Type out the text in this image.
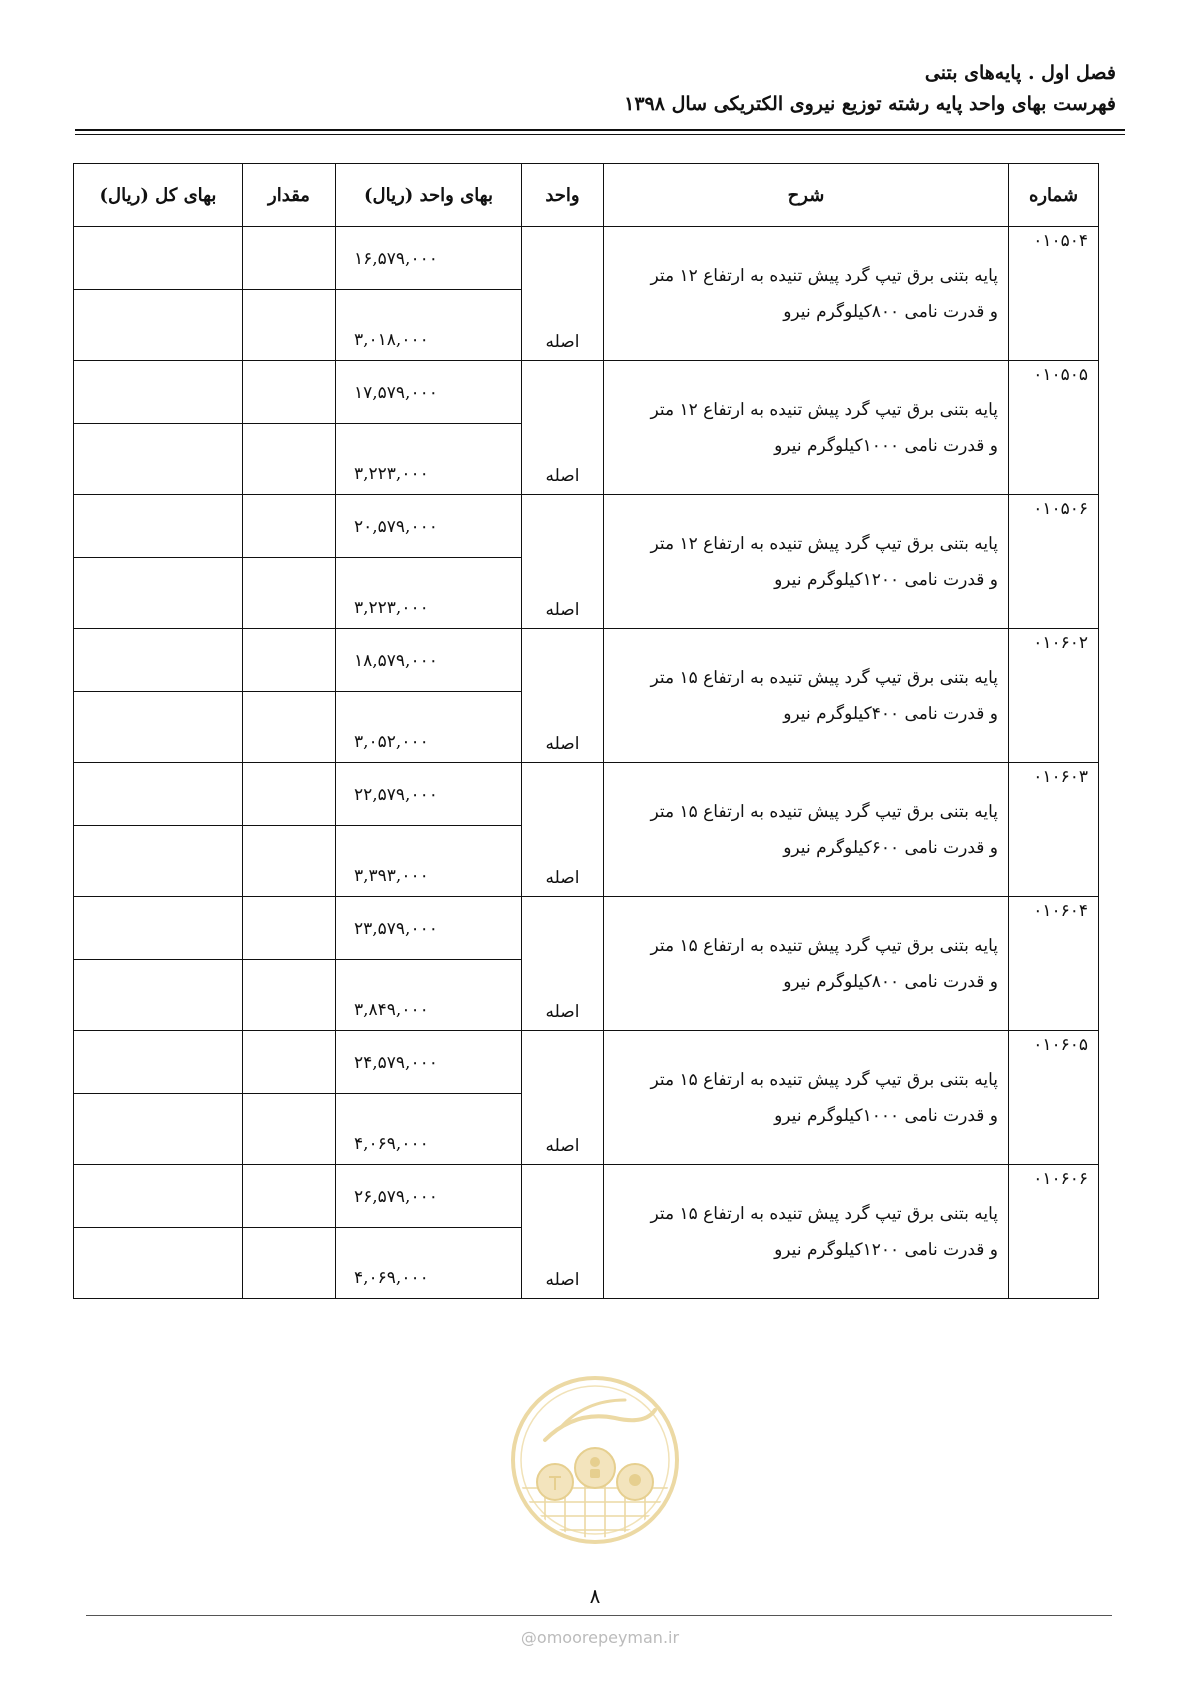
فصل اول . پایه‌های بتنی
فهرست بهای واحد پایه رشته توزیع نیروی الکتریکی سال ۱۳۹۸
شماره	شرح	واحد	بهای واحد (ریال)	مقدار	بهای کل (ریال)
۰۱۰۵۰۴	پایه بتنی برق تیپ گرد پیش تنیده به ارتفاع ۱۲ متر
و قدرت نامی ۸۰۰کیلوگرم نیرو	اصله	۱۶,۵۷۹,۰۰۰		
			۳,۰۱۸,۰۰۰		
۰۱۰۵۰۵	پایه بتنی برق تیپ گرد پیش تنیده به ارتفاع ۱۲ متر
و قدرت نامی ۱۰۰۰کیلوگرم نیرو	اصله	۱۷,۵۷۹,۰۰۰		
			۳,۲۲۳,۰۰۰		
۰۱۰۵۰۶	پایه بتنی برق تیپ گرد پیش تنیده به ارتفاع ۱۲ متر
و قدرت نامی ۱۲۰۰کیلوگرم نیرو	اصله	۲۰,۵۷۹,۰۰۰		
			۳,۲۲۳,۰۰۰		
۰۱۰۶۰۲	پایه بتنی برق تیپ گرد پیش تنیده به ارتفاع ۱۵ متر
و قدرت نامی ۴۰۰کیلوگرم نیرو	اصله	۱۸,۵۷۹,۰۰۰		
			۳,۰۵۲,۰۰۰		
۰۱۰۶۰۳	پایه بتنی برق تیپ گرد پیش تنیده به ارتفاع ۱۵ متر
و قدرت نامی ۶۰۰کیلوگرم نیرو	اصله	۲۲,۵۷۹,۰۰۰		
			۳,۳۹۳,۰۰۰		
۰۱۰۶۰۴	پایه بتنی برق تیپ گرد پیش تنیده به ارتفاع ۱۵ متر
و قدرت نامی ۸۰۰کیلوگرم نیرو	اصله	۲۳,۵۷۹,۰۰۰		
			۳,۸۴۹,۰۰۰		
۰۱۰۶۰۵	پایه بتنی برق تیپ گرد پیش تنیده به ارتفاع ۱۵ متر
و قدرت نامی ۱۰۰۰کیلوگرم نیرو	اصله	۲۴,۵۷۹,۰۰۰		
			۴,۰۶۹,۰۰۰		
۰۱۰۶۰۶	پایه بتنی برق تیپ گرد پیش تنیده به ارتفاع ۱۵ متر
و قدرت نامی ۱۲۰۰کیلوگرم نیرو	اصله	۲۶,۵۷۹,۰۰۰		
			۴,۰۶۹,۰۰۰		
۸
@omoorepeyman.ir
